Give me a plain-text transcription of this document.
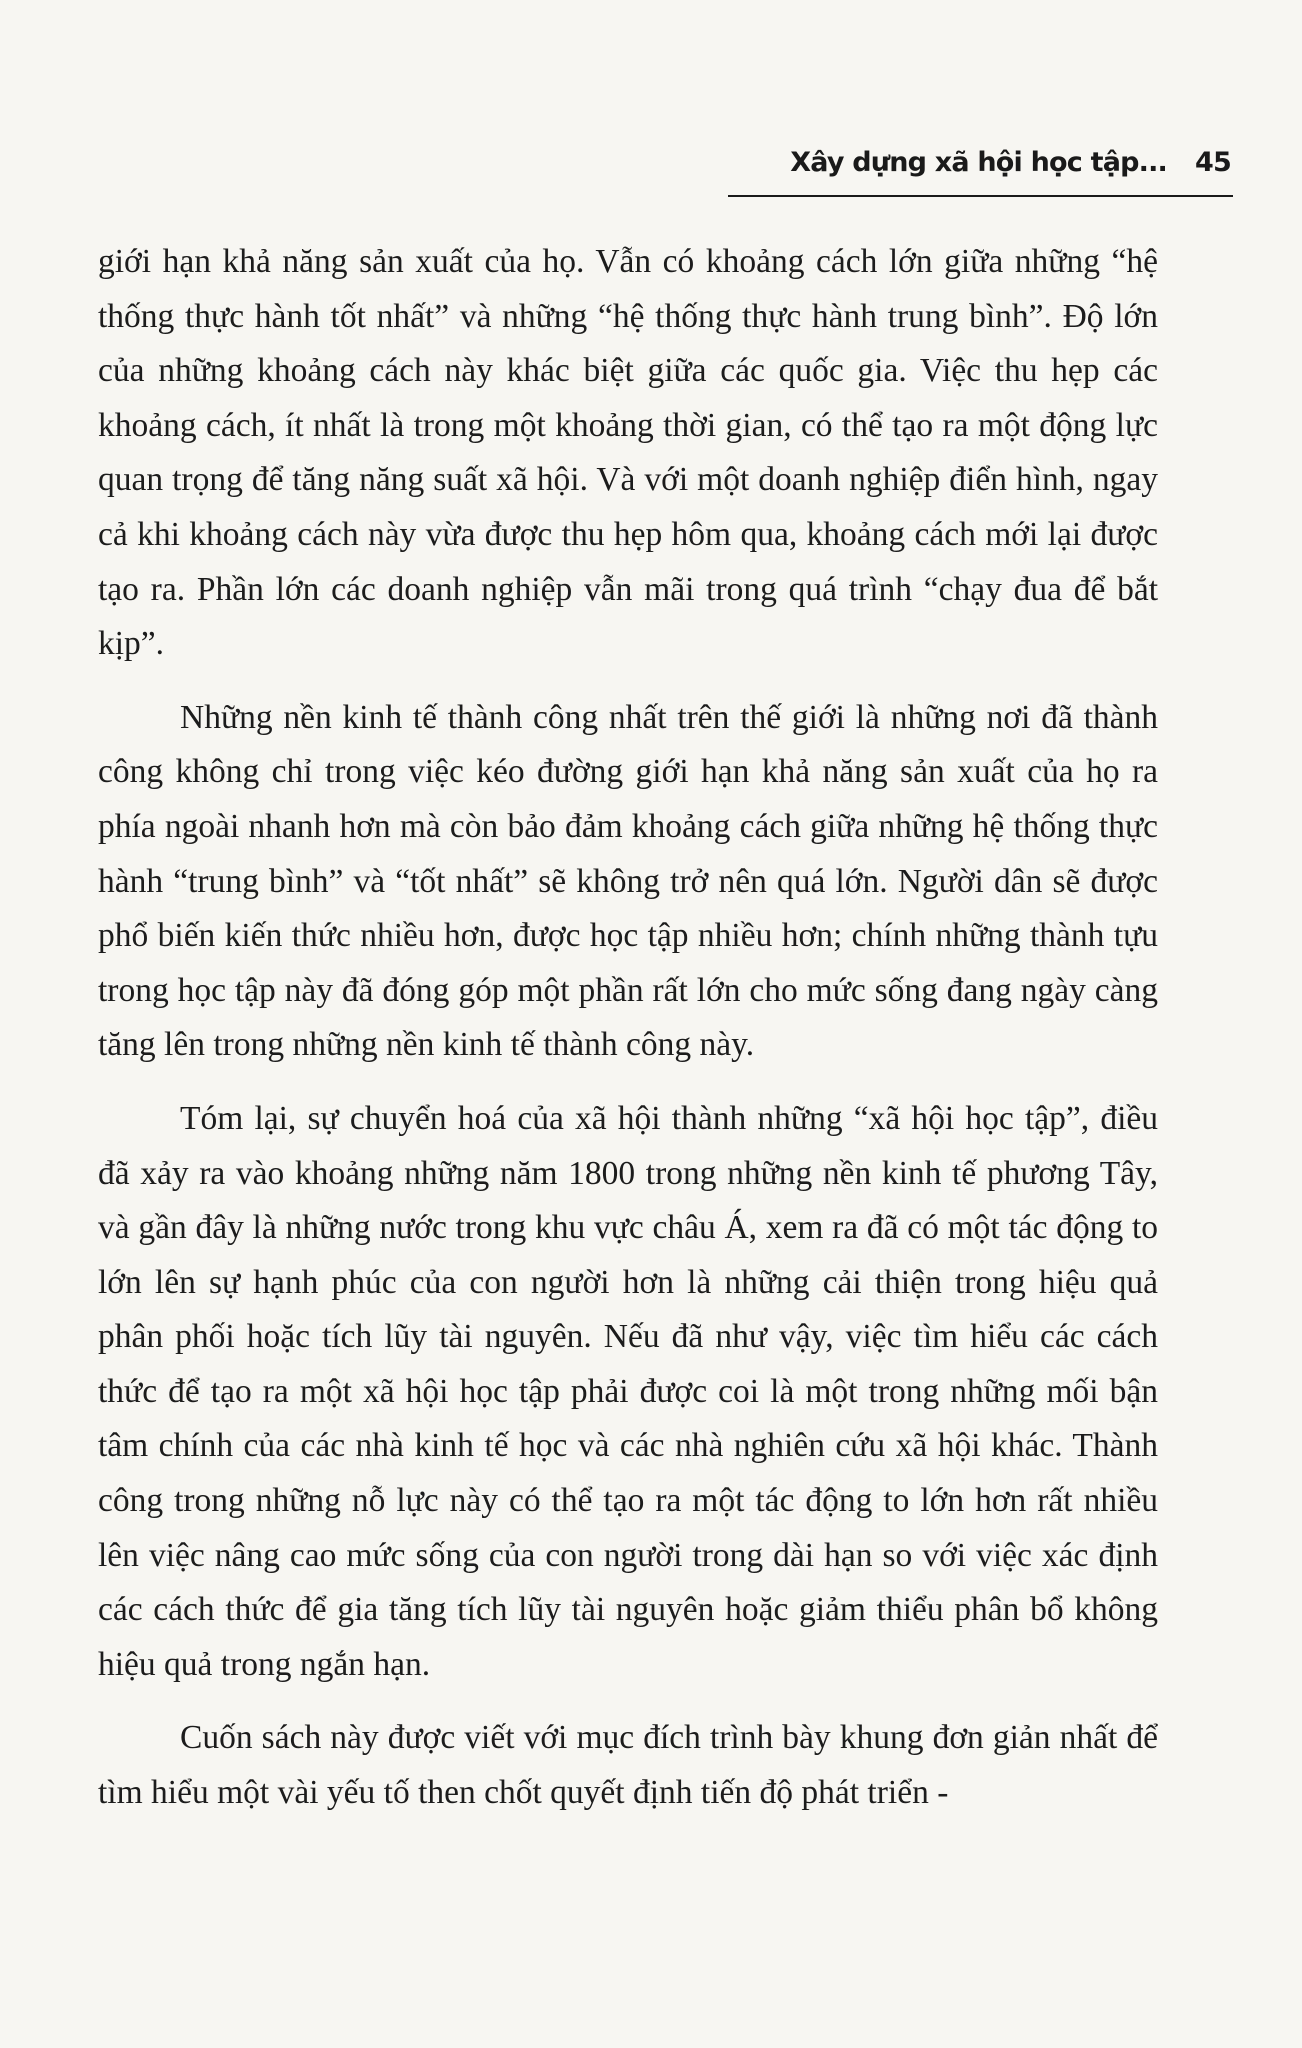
Xây dựng xã hội học tập... 45

giới hạn khả năng sản xuất của họ. Vẫn có khoảng cách lớn giữa những “hệ thống thực hành tốt nhất” và những “hệ thống thực hành trung bình”. Độ lớn của những khoảng cách này khác biệt giữa các quốc gia. Việc thu hẹp các khoảng cách, ít nhất là trong một khoảng thời gian, có thể tạo ra một động lực quan trọng để tăng năng suất xã hội. Và với một doanh nghiệp điển hình, ngay cả khi khoảng cách này vừa được thu hẹp hôm qua, khoảng cách mới lại được tạo ra. Phần lớn các doanh nghiệp vẫn mãi trong quá trình “chạy đua để bắt kịp”.

Những nền kinh tế thành công nhất trên thế giới là những nơi đã thành công không chỉ trong việc kéo đường giới hạn khả năng sản xuất của họ ra phía ngoài nhanh hơn mà còn bảo đảm khoảng cách giữa những hệ thống thực hành “trung bình” và “tốt nhất” sẽ không trở nên quá lớn. Người dân sẽ được phổ biến kiến thức nhiều hơn, được học tập nhiều hơn; chính những thành tựu trong học tập này đã đóng góp một phần rất lớn cho mức sống đang ngày càng tăng lên trong những nền kinh tế thành công này.

Tóm lại, sự chuyển hoá của xã hội thành những “xã hội học tập”, điều đã xảy ra vào khoảng những năm 1800 trong những nền kinh tế phương Tây, và gần đây là những nước trong khu vực châu Á, xem ra đã có một tác động to lớn lên sự hạnh phúc của con người hơn là những cải thiện trong hiệu quả phân phối hoặc tích lũy tài nguyên. Nếu đã như vậy, việc tìm hiểu các cách thức để tạo ra một xã hội học tập phải được coi là một trong những mối bận tâm chính của các nhà kinh tế học và các nhà nghiên cứu xã hội khác. Thành công trong những nỗ lực này có thể tạo ra một tác động to lớn hơn rất nhiều lên việc nâng cao mức sống của con người trong dài hạn so với việc xác định các cách thức để gia tăng tích lũy tài nguyên hoặc giảm thiểu phân bổ không hiệu quả trong ngắn hạn.

Cuốn sách này được viết với mục đích trình bày khung đơn giản nhất để tìm hiểu một vài yếu tố then chốt quyết định tiến độ phát triển -
